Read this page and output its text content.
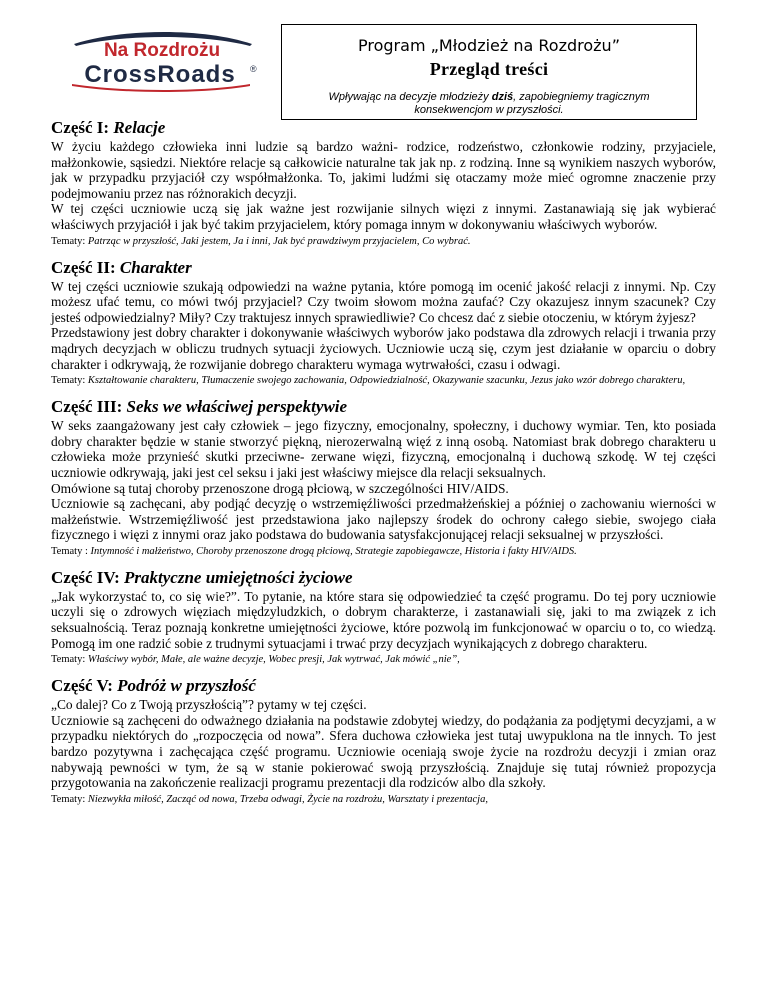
Na Rozdrożu
CrossRoads ®
Program „Młodzież na Rozdrożu”
Przegląd treści
Wpływając na decyzje młodzieży dziś, zapobiegniemy tragicznym konsekwencjom w przyszłości.
Część I: Relacje

W życiu każdego człowieka inni ludzie są bardzo ważni- rodzice, rodzeństwo, członkowie rodziny, przyjaciele, małżonkowie, sąsiedzi. Niektóre relacje są całkowicie naturalne tak jak np. z rodziną. Inne są wynikiem naszych wyborów, jak w przypadku przyjaciół czy współmałżonka. To, jakimi ludźmi się otaczamy może mieć ogromne znaczenie przy podejmowaniu przez nas różnorakich decyzji.

W tej części uczniowie uczą się jak ważne jest rozwijanie silnych więzi z innymi. Zastanawiają się jak wybierać właściwych przyjaciół i jak być takim przyjacielem, który pomaga innym w dokonywaniu właściwych wyborów.

Tematy: Patrząc w przyszłość, Jaki jestem, Ja i inni, Jak być prawdziwym przyjacielem, Co wybrać.
Część II: Charakter

W tej części uczniowie szukają odpowiedzi na ważne pytania, które pomogą im ocenić jakość relacji z innymi. Np. Czy możesz ufać temu, co mówi twój przyjaciel? Czy twoim słowom można zaufać? Czy okazujesz innym szacunek? Czy jesteś odpowiedzialny? Miły? Czy traktujesz innych sprawiedliwie? Co chcesz dać z siebie otoczeniu, w którym żyjesz?

Przedstawiony jest dobry charakter i dokonywanie właściwych wyborów jako podstawa dla zdrowych relacji i trwania przy mądrych decyzjach w obliczu trudnych sytuacji życiowych. Uczniowie uczą się, czym jest działanie w oparciu o dobry charakter i odkrywają, że rozwijanie dobrego charakteru wymaga wytrwałości, czasu i odwagi.

Tematy: Kształtowanie charakteru, Tłumaczenie swojego zachowania, Odpowiedzialność, Okazywanie szacunku, Jezus jako wzór dobrego charakteru,
Część III: Seks we właściwej perspektywie

W seks zaangażowany jest cały człowiek – jego fizyczny, emocjonalny, społeczny, i duchowy wymiar. Ten, kto posiada dobry charakter będzie w stanie stworzyć piękną, nierozerwalną więź z inną osobą. Natomiast brak dobrego charakteru u człowieka może przynieść skutki przeciwne- zerwane więzi, fizyczną, emocjonalną i duchową szkodę. W tej części uczniowie odkrywają, jaki jest cel seksu i jaki jest właściwy miejsce dla relacji seksualnych.

Omówione są tutaj choroby przenoszone drogą płciową, w szczególności HIV/AIDS.

Uczniowie są zachęcani, aby podjąć decyzję o wstrzemięźliwości przedmałżeńskiej a później o zachowaniu wierności w małżeństwie. Wstrzemięźliwość jest przedstawiona jako najlepszy środek do ochrony całego siebie, swojego ciała fizycznego i więzi z innymi oraz jako podstawa do budowania satysfakcjonującej relacji seksualnej w przyszłości.

Tematy : Intymność i małżeństwo, Choroby przenoszone drogą płciową, Strategie zapobiegawcze, Historia i fakty HIV/AIDS.
Część IV: Praktyczne umiejętności życiowe

„Jak wykorzystać to, co się wie?”. To pytanie, na które stara się odpowiedzieć ta część programu. Do tej pory uczniowie uczyli się o zdrowych więziach międzyludzkich, o dobrym charakterze, i zastanawiali się, jaki to ma związek z ich seksualnością. Teraz poznają konkretne umiejętności życiowe, które pozwolą im funkcjonować w oparciu o to, co wiedzą. Pomogą im one radzić sobie z trudnymi sytuacjami i trwać przy decyzjach wynikających z dobrego charakteru.

Tematy: Właściwy wybór, Małe, ale ważne decyzje, Wobec presji, Jak wytrwać, Jak mówić „nie”,
Część V: Podróż w przyszłość

„Co dalej? Co z Twoją przyszłością”? pytamy w tej części.

Uczniowie są zachęceni do odważnego działania na podstawie zdobytej wiedzy, do podążania za podjętymi decyzjami, a w przypadku niektórych do „rozpoczęcia od nowa”. Sfera duchowa człowieka jest tutaj uwypuklona na tle innych. To jest bardzo pozytywna i zachęcająca część programu. Uczniowie oceniają swoje życie na rozdrożu decyzji i zmian oraz nabywają pewności w tym, że są w stanie pokierować swoją przyszłością. Znajduje się tutaj również propozycja przygotowania na zakończenie realizacji programu prezentacji dla rodziców albo dla szkoły.

Tematy: Niezwykła miłość, Zacząć od nowa, Trzeba odwagi, Życie na rozdrożu, Warsztaty i prezentacja,
